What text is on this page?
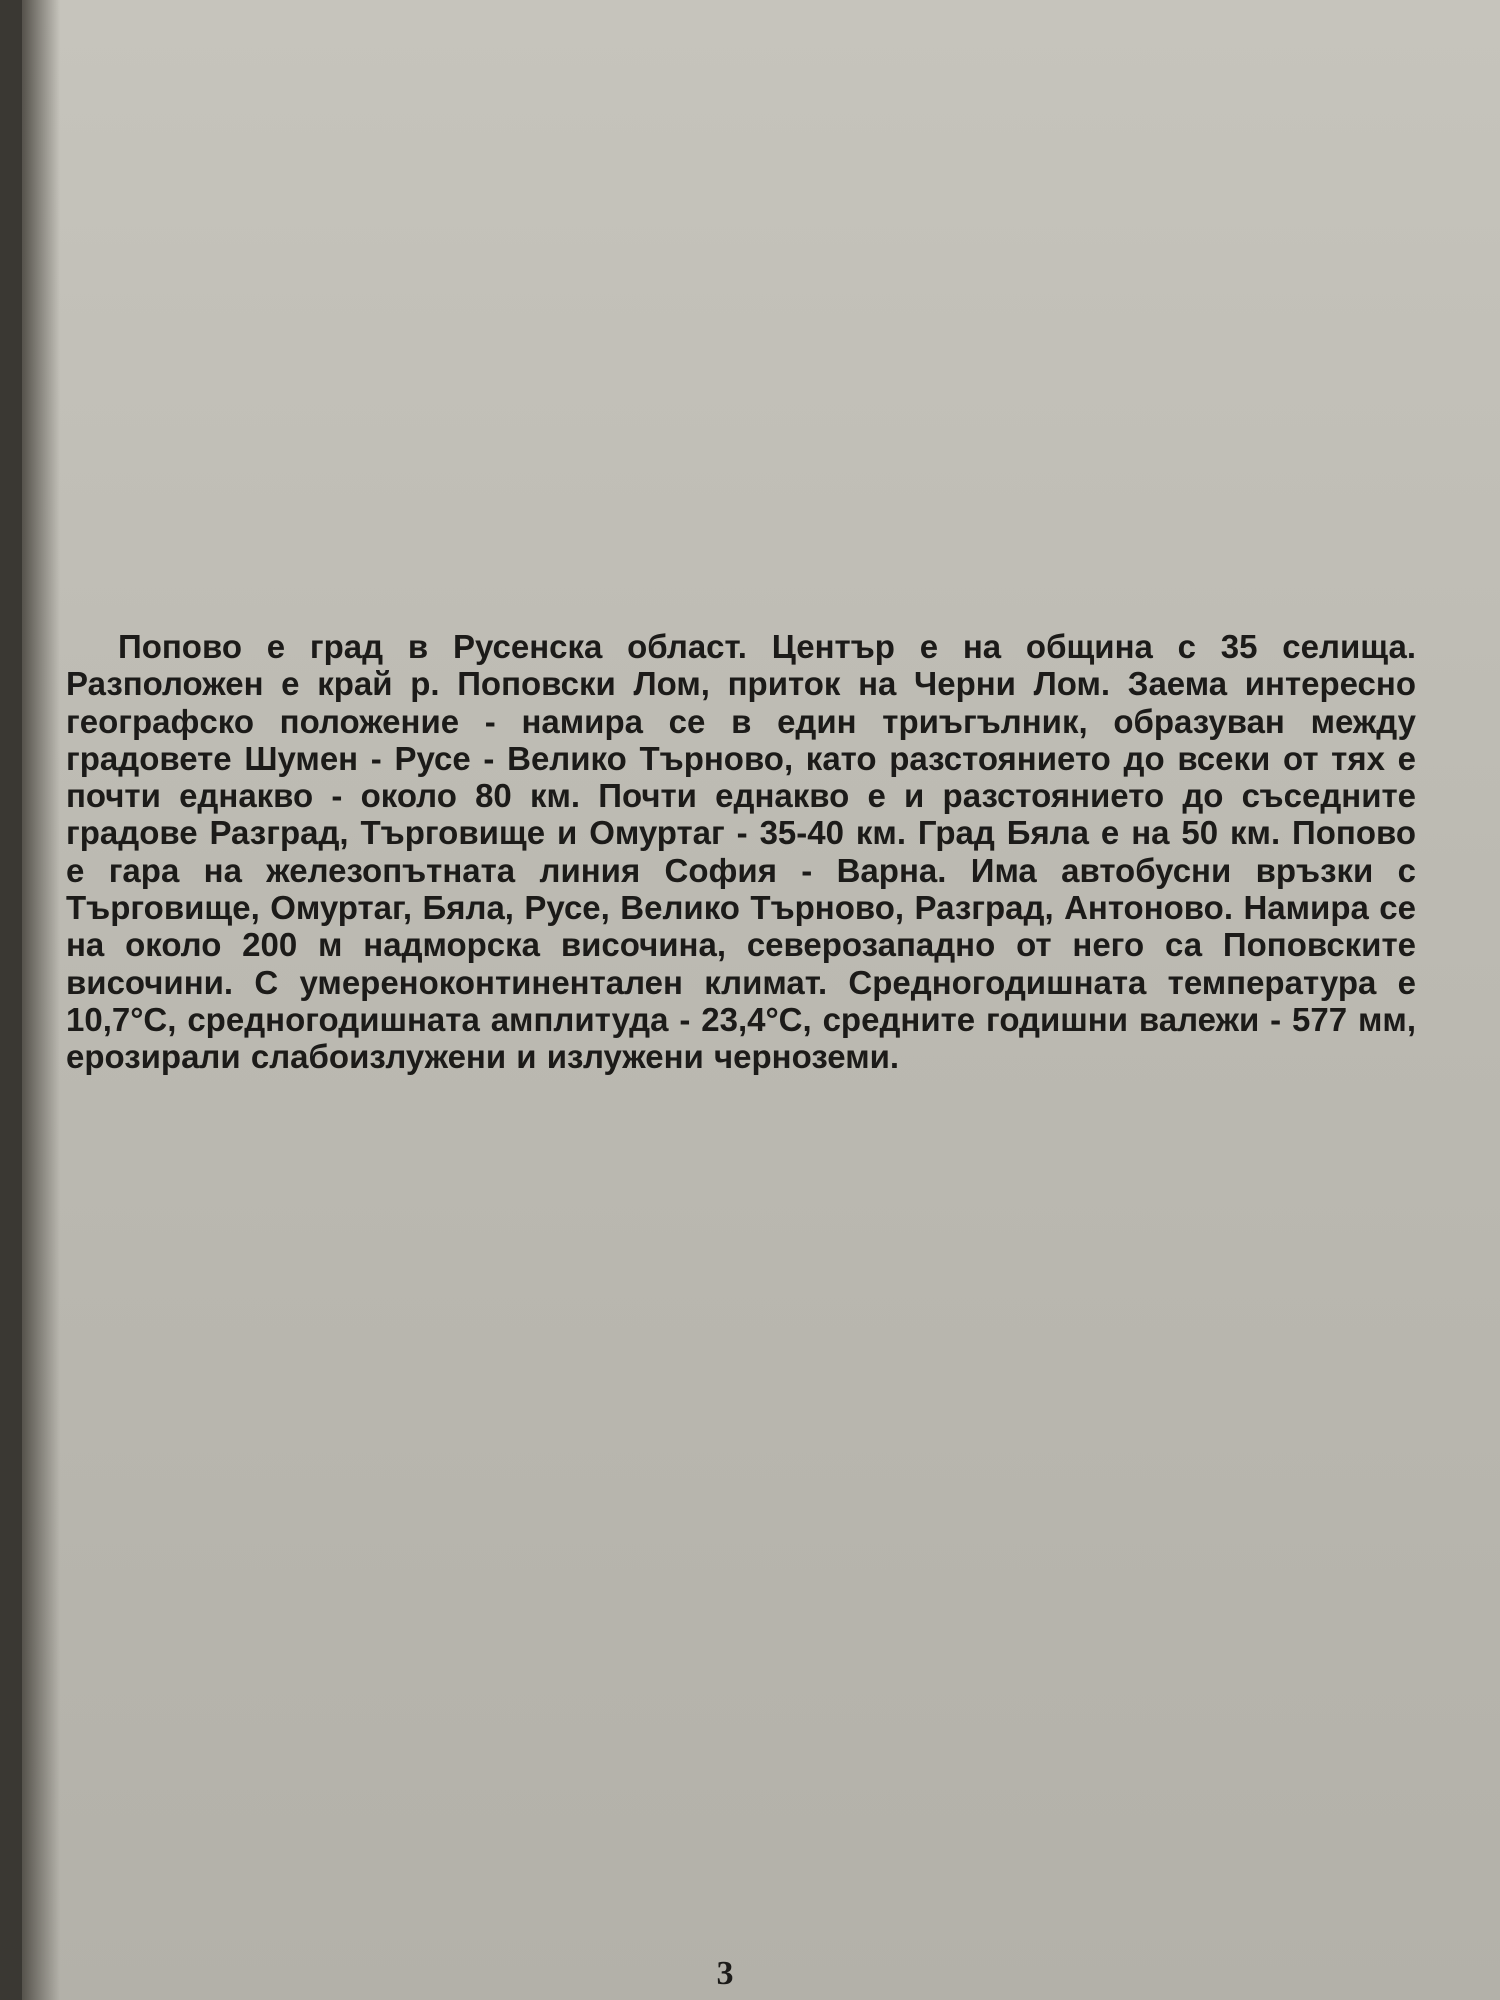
Попово е град в Русенска област. Център е на община с 35 селища. Разположен е край р. Поповски Лом, приток на Черни Лом. Заема интересно географско положение - намира се в един триъгълник, образуван между градовете Шумен - Русе - Велико Търново, като разстоянието до всеки от тях е почти еднакво - около 80 км. Почти еднакво е и разстоянието до съседните градове Разград, Търговище и Омуртаг - 35-40 км. Град Бяла е на 50 км. Попово е гара на железопътната линия София - Варна. Има автобусни връзки с Търговище, Омуртаг, Бяла, Русе, Велико Търново, Разград, Антоново. Намира се на около 200 м надморска височина, северозападно от него са Поповските височини. С умереноконтинентален климат. Средногодишната температура е 10,7°С, средногодишната амплитуда - 23,4°С, средните годишни валежи - 577 мм, ерозирали слабоизлужени и излужени черноземи.

3
